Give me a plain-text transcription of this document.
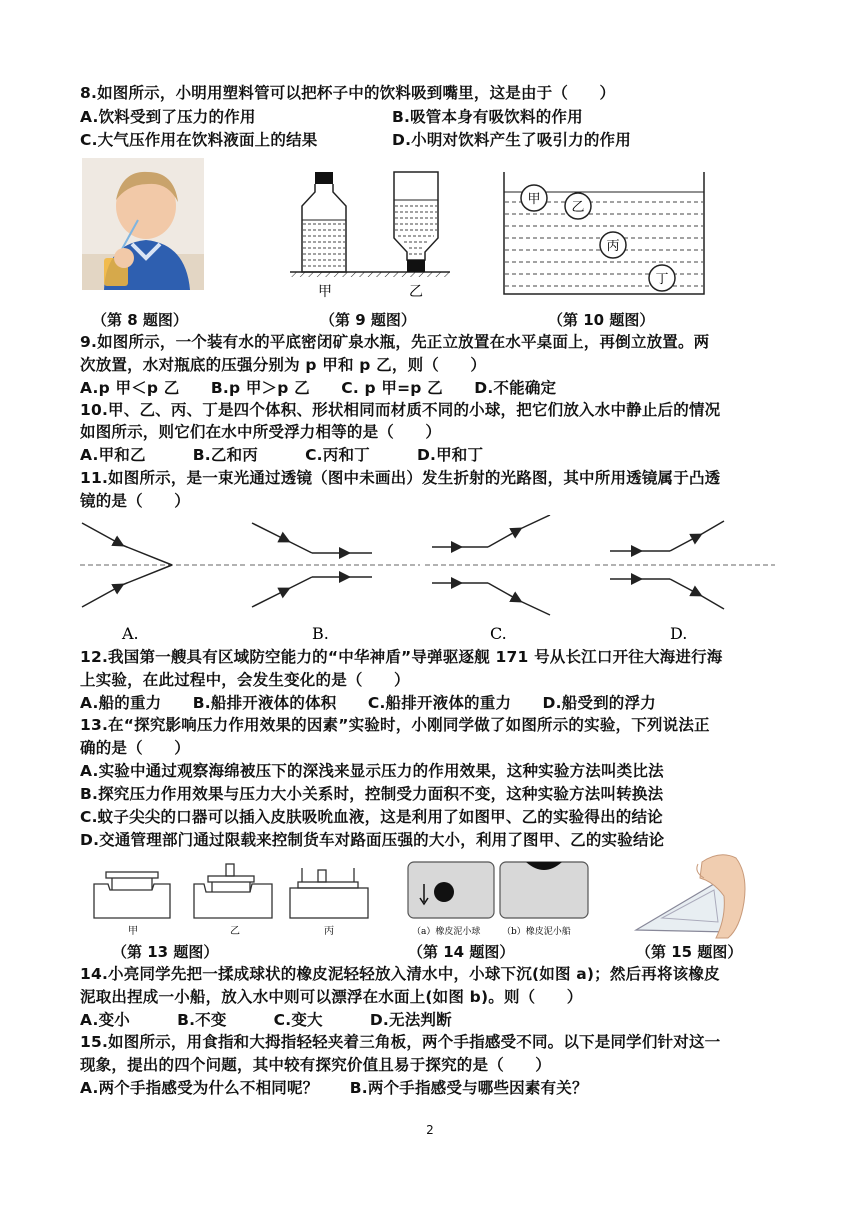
8.如图所示，小明用塑料管可以把杯子中的饮料吸到嘴里，这是由于（　　）
A.饮料受到了压力的作用	B.吸管本身有吸饮料的作用
C.大气压作用在饮料液面上的结果	D.小明对饮料产生了吸引力的作用
甲	乙
甲
乙
丙
丁
（第 8 题图）	（第 9 题图）	（第 10 题图）
9.如图所示，一个装有水的平底密闭矿泉水瓶，先正立放置在水平桌面上，再倒立放置。两
次放置，水对瓶底的压强分别为 p 甲和 p 乙，则（　　）
A.p 甲＜p 乙　　B.p 甲＞p 乙　　C. p 甲=p 乙　　D.不能确定
10.甲、乙、丙、丁是四个体积、形状相同而材质不同的小球，把它们放入水中静止后的情况
如图所示，则它们在水中所受浮力相等的是（　　）
A.甲和乙　　　B.乙和丙　　　C.丙和丁　　　D.甲和丁
11.如图所示，是一束光通过透镜（图中未画出）发生折射的光路图，其中所用透镜属于凸透
镜的是（　　）
A.	B.	C.	D.
12.我国第一艘具有区域防空能力的“中华神盾”导弹驱逐舰 171 号从长江口开往大海进行海
上实验，在此过程中，会发生变化的是（　　）
A.船的重力　　B.船排开液体的体积　　C.船排开液体的重力　　D.船受到的浮力
13.在“探究影响压力作用效果的因素”实验时，小刚同学做了如图所示的实验，下列说法正
确的是（　　）
A.实验中通过观察海绵被压下的深浅来显示压力的作用效果，这种实验方法叫类比法
B.探究压力作用效果与压力大小关系时，控制受力面积不变，这种实验方法叫转换法
C.蚊子尖尖的口器可以插入皮肤吸吮血液，这是利用了如图甲、乙的实验得出的结论
D.交通管理部门通过限载来控制货车对路面压强的大小，利用了图甲、乙的实验结论
甲	乙	丙	（a）橡皮泥小球 （b）橡皮泥小船
（第 13 题图）	（第 14 题图）	（第 15 题图）
14.小亮同学先把一揉成球状的橡皮泥轻轻放入清水中，小球下沉(如图 a)；然后再将该橡皮
泥取出捏成一小船，放入水中则可以漂浮在水面上(如图 b)。则（　　）
A.变小　　　B.不变　　　C.变大　　　D.无法判断
15.如图所示，用食指和大拇指轻轻夹着三角板，两个手指感受不同。以下是同学们针对这一
现象，提出的四个问题，其中较有探究价值且易于探究的是（　　）
A.两个手指感受为什么不相同呢？　　B.两个手指感受与哪些因素有关？
2
